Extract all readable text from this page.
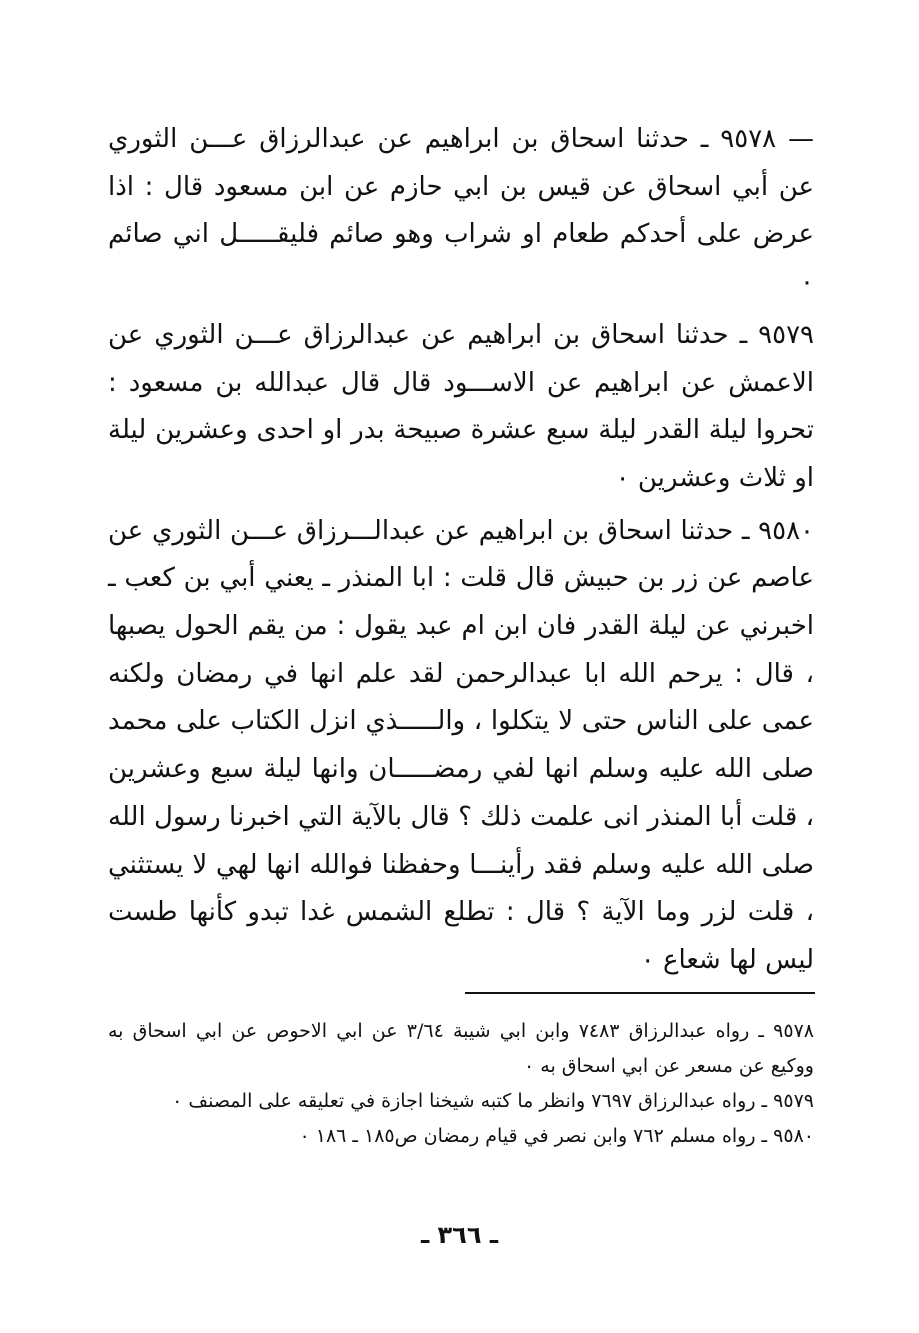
— ٩٥٧٨ ـ حدثنا اسحاق بن ابراهيم عن عبدالرزاق عـــن الثوري عن أبي اسحاق عن قيس بن ابي حازم عن ابن مسعود قال : اذا عرض على أحدكم طعام او شراب وهو صائم فليقـــــل اني صائم ٠

٩٥٧٩ ـ حدثنا اسحاق بن ابراهيم عن عبدالرزاق عـــن الثوري عن الاعمش عن ابراهيم عن الاســـود قال قال عبدالله بن مسعود : تحروا ليلة القدر ليلة سبع عشرة صبيحة بدر او احدى وعشرين ليلة او ثلاث وعشرين ٠

٩٥٨٠ ـ حدثنا اسحاق بن ابراهيم عن عبدالـــرزاق عـــن الثوري عن عاصم عن زر بن حبيش قال قلت : ابا المنذر ـ يعني أبي بن كعب ـ اخبرني عن ليلة القدر فان ابن ام عبد يقول : من يقم الحول يصبها ، قال : يرحم الله ابا عبدالرحمن لقد علم انها في رمضان ولكنه عمى على الناس حتى لا يتكلوا ، والـــــذي انزل الكتاب على محمد صلى الله عليه وسلم انها لفي رمضـــــان وانها ليلة سبع وعشرين ، قلت أبا المنذر انى علمت ذلك ؟ قال بالآية التي اخبرنا رسول الله صلى الله عليه وسلم فقد رأينـــا وحفظنا فوالله انها لهي لا يستثني ، قلت لزر وما الآية ؟ قال : تطلع الشمس غدا تبدو كأنها طست ليس لها شعاع ٠

٩٥٧٨ ـ رواه عبدالرزاق ٧٤٨٣ وابن ابي شيبة ٣/٦٤ عن ابي الاحوص عن ابي اسحاق به ووكيع عن مسعر عن ابي اسحاق به ٠

٩٥٧٩ ـ رواه عبدالرزاق ٧٦٩٧ وانظر ما كتبه شيخنا اجازة في تعليقه على المصنف ٠

٩٥٨٠ ـ رواه مسلم ٧٦٢ وابن نصر في قيام رمضان ص١٨٥ ـ ١٨٦ ٠

ـ ٣٦٦ ـ
